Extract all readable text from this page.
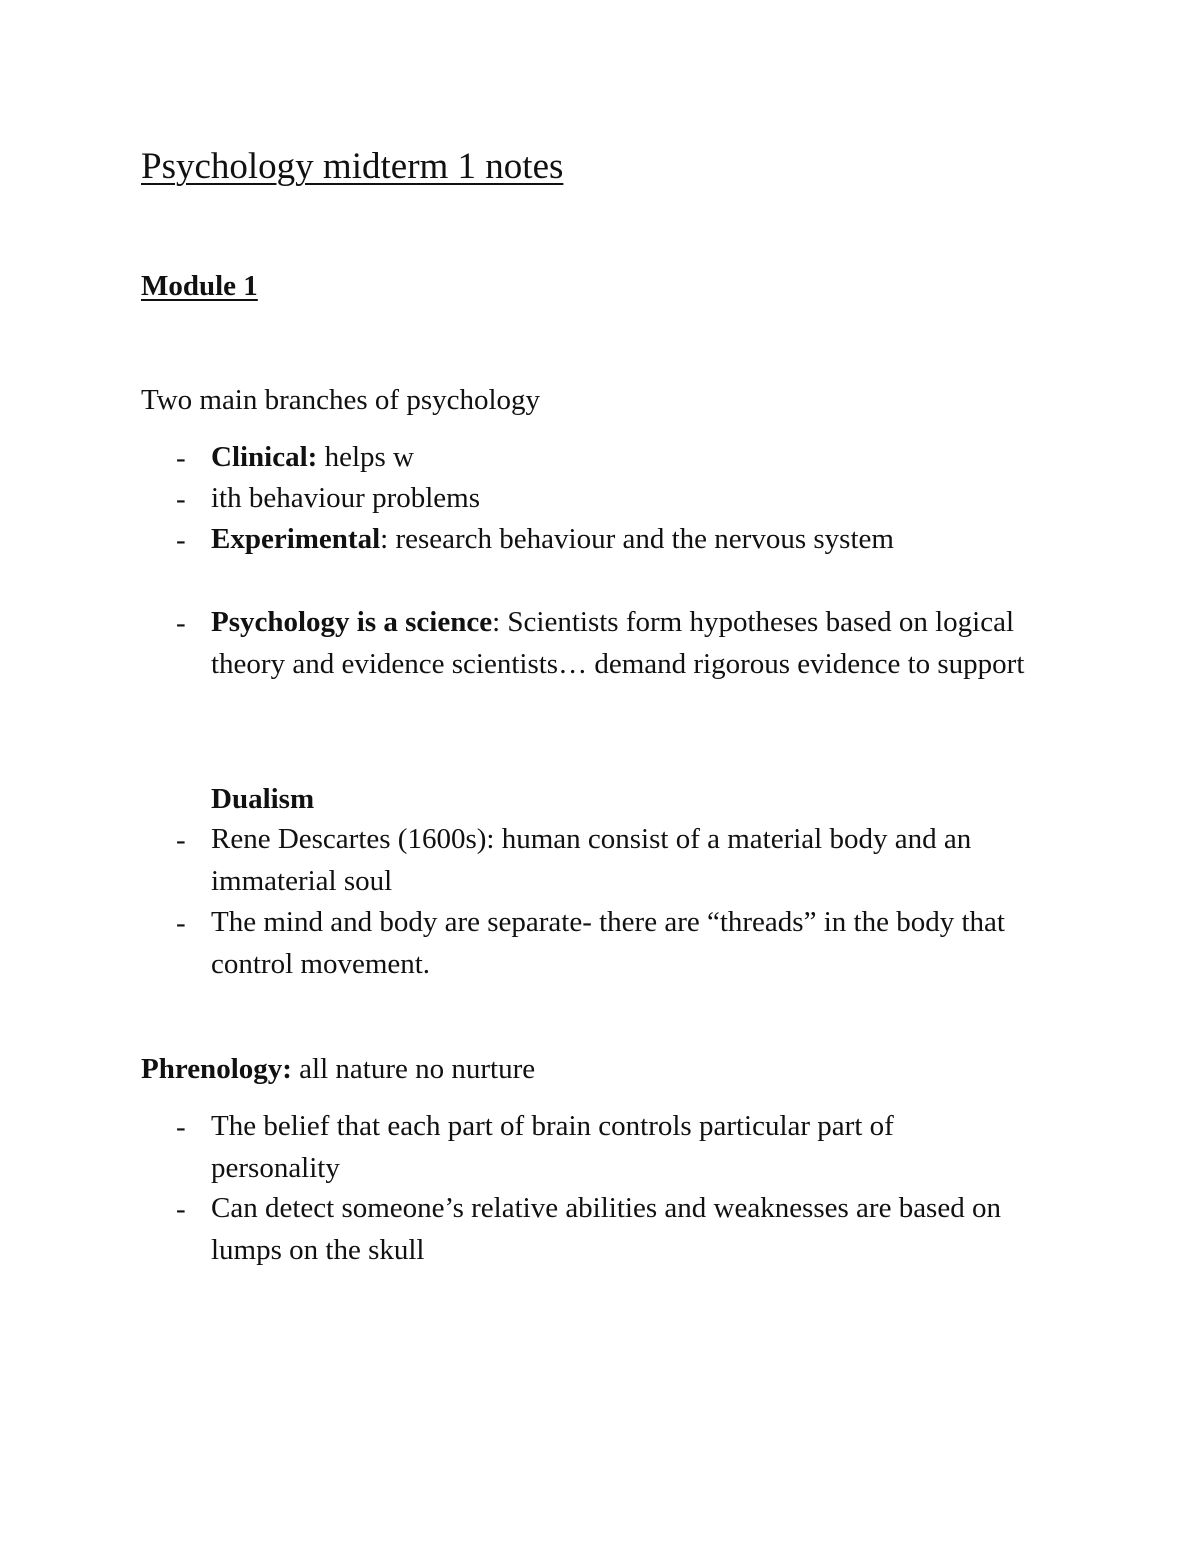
Psychology midterm 1 notes
Module 1
Two main branches of psychology
- Clinical: helps w
- ith behaviour problems
- Experimental: research behaviour and the nervous system
- Psychology is a science: Scientists form hypotheses based on logical theory and evidence scientists… demand rigorous evidence to support
Dualism
- Rene Descartes (1600s): human consist of a material body and an immaterial soul
- The mind and body are separate- there are “threads” in the body that control movement.
Phrenology: all nature no nurture
- The belief that each part of brain controls particular part of personality
- Can detect someone’s relative abilities and weaknesses are based on lumps on the skull
